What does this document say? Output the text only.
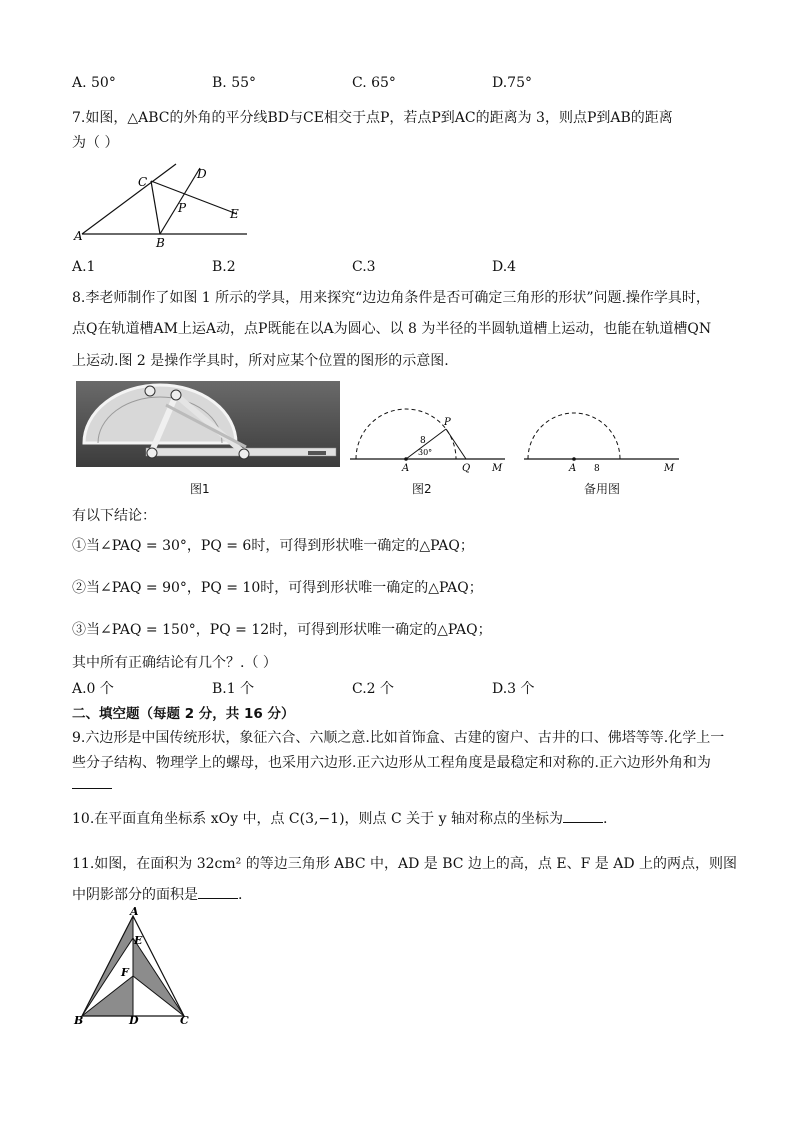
A. 50°	B. 55°	C. 65°	D.75°
7.如图，△ABC的外角的平分线BD与CE相交于点P，若点P到AC的距离为 3，则点P到AB的距离
为（ ）
A	B
C
D
P	E
A.1	B.2	C.3	D.4
8.李老师制作了如图 1 所示的学具，用来探究“边边角条件是否可确定三角形的形状”问题.操作学具时，
点Q在轨道槽AM上运A动，点P既能在以A为圆心、以 8 为半径的半圆轨道槽上运动，也能在轨道槽QN
上运动.图 2 是操作学具时，所对应某个位置的图形的示意图.
图1
P
8
A
30°
Q M
图2
A 8	M
备用图
有以下结论：
①当∠PAQ = 30°，PQ = 6时，可得到形状唯一确定的△PAQ；
②当∠PAQ = 90°，PQ = 10时，可得到形状唯一确定的△PAQ；
③当∠PAQ = 150°，PQ = 12时，可得到形状唯一确定的△PAQ；
其中所有正确结论有几个？.（ ）
A.0 个	B.1 个	C.2 个	D.3 个
二、填空题（每题 2 分，共 16 分）
9.六边形是中国传统形状，象征六合、六顺之意.比如首饰盒、古建的窗户、古井的口、佛塔等等.化学上一
些分子结构、物理学上的螺母，也采用六边形.正六边形从工程角度是最稳定和对称的.正六边形外角和为
10.在平面直角坐标系 xOy 中，点 C(3,−1)，则点 C 关于 y 轴对称点的坐标为	.
11.如图，在面积为 32cm² 的等边三角形 ABC 中，AD 是 BC 边上的高，点 E、F 是 AD 上的两点，则图
中阴影部分的面积是	.
A
E
F
B	D	C
